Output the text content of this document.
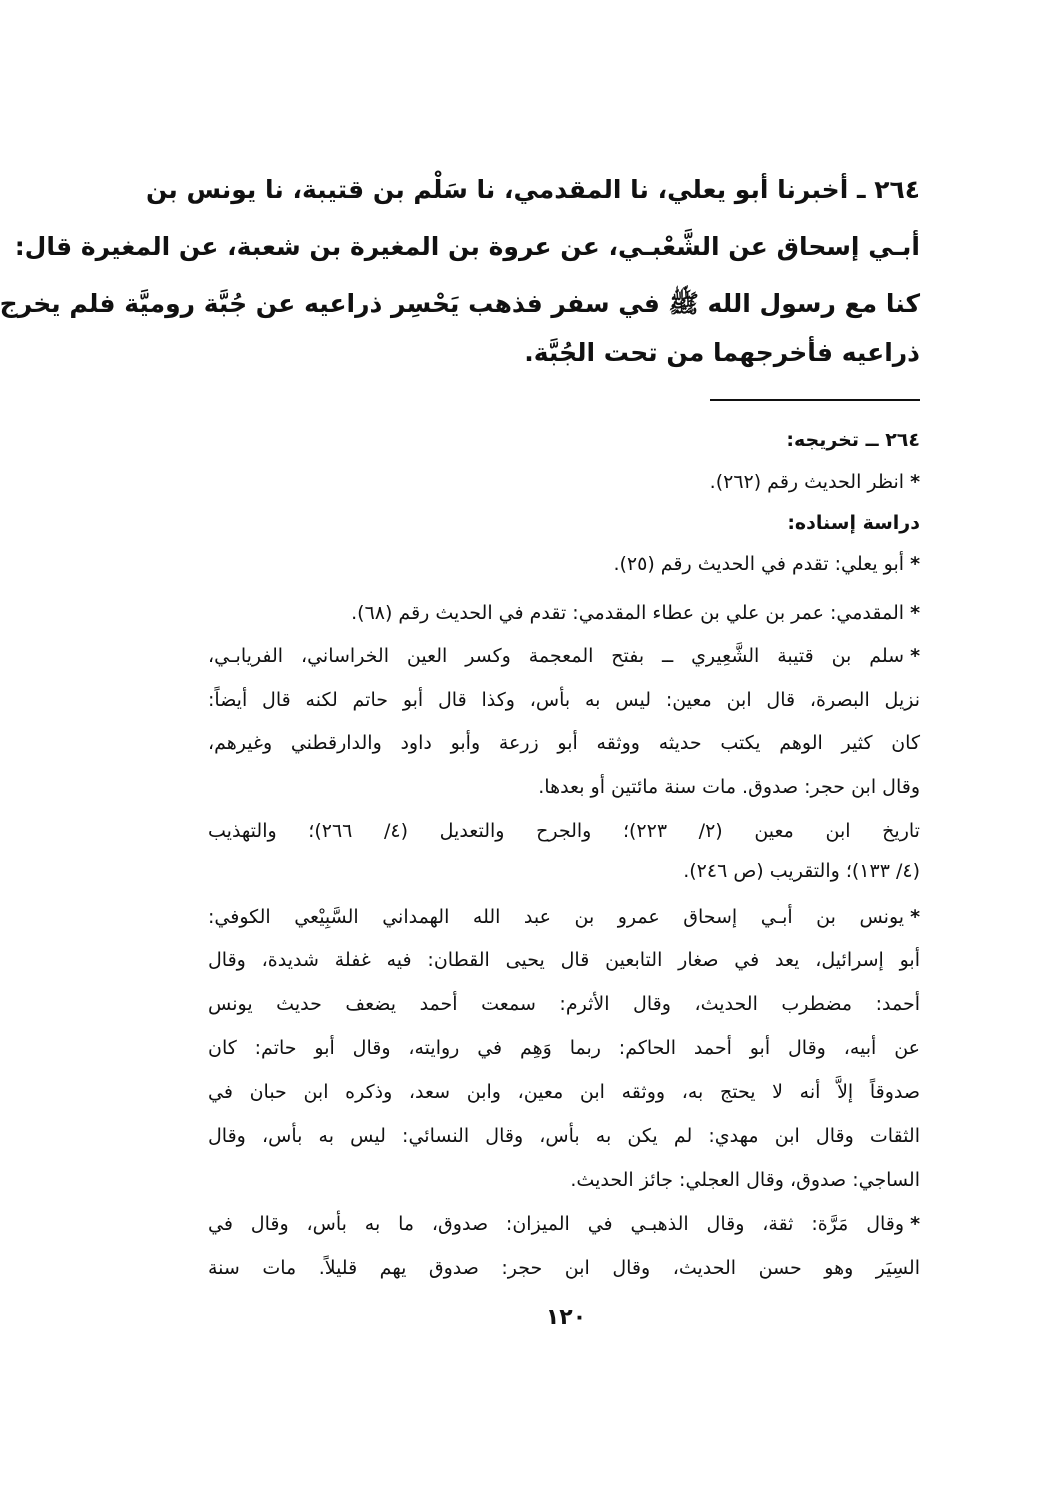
٢٦٤ ـ أخبرنا أبو يعلي، نا المقدمي، نا سَلْم بن قتيبة، نا يونس بن
أبـي إسحاق عن الشَّعْبـي، عن عروة بن المغيرة بن شعبة، عن المغيرة قال:
كنا مع رسول الله ﷺ في سفر فذهب يَحْسِر ذراعيه عن جُبَّة روميَّة فلم يخرج
ذراعيه فأخرجهما من تحت الجُبَّة.
٢٦٤ ــ تخريجه:
*انظر الحديث رقم (٢٦٢).
دراسة إسناده:
*أبو يعلي: تقدم في الحديث رقم (٢٥).
*المقدمي: عمر بن علي بن عطاء المقدمي: تقدم في الحديث رقم (٦٨).
*سلم بن قتيبة الشَّعِيري ــ بفتح المعجمة وكسر العين الخراساني، الفريابـي،
نزيل البصرة، قال ابن معين: ليس به بأس، وكذا قال أبو حاتم لكنه قال أيضاً:
كان كثير الوهم يكتب حديثه ووثقه أبو زرعة وأبو داود والدارقطني وغيرهم،
وقال ابن حجر: صدوق. مات سنة مائتين أو بعدها.
تاريخ ابن معين (٢/ ٢٢٣)؛ والجرح والتعديل (٤/ ٢٦٦)؛ والتهذيب
(٤/ ١٣٣)؛ والتقريب (ص ٢٤٦).
*يونس بن أبـي إسحاق عمرو بن عبد الله الهمداني السَّبِيْعي الكوفي:
أبو إسرائيل، يعد في صغار التابعين قال يحيى القطان: فيه غفلة شديدة، وقال
أحمد: مضطرب الحديث، وقال الأثرم: سمعت أحمد يضعف حديث يونس
عن أبيه، وقال أبو أحمد الحاكم: ربما وَهِم في روايته، وقال أبو حاتم: كان
صدوقاً إلاَّ أنه لا يحتج به، ووثقه ابن معين، وابن سعد، وذكره ابن حبان في
الثقات وقال ابن مهدي: لم يكن به بأس، وقال النسائي: ليس به بأس، وقال
الساجي: صدوق، وقال العجلي: جائز الحديث.
*وقال مَرَّة: ثقة، وقال الذهبـي في الميزان: صدوق، ما به بأس، وقال في
السِيَر وهو حسن الحديث، وقال ابن حجر: صدوق يهم قليلاً. مات سنة
١٢٠
